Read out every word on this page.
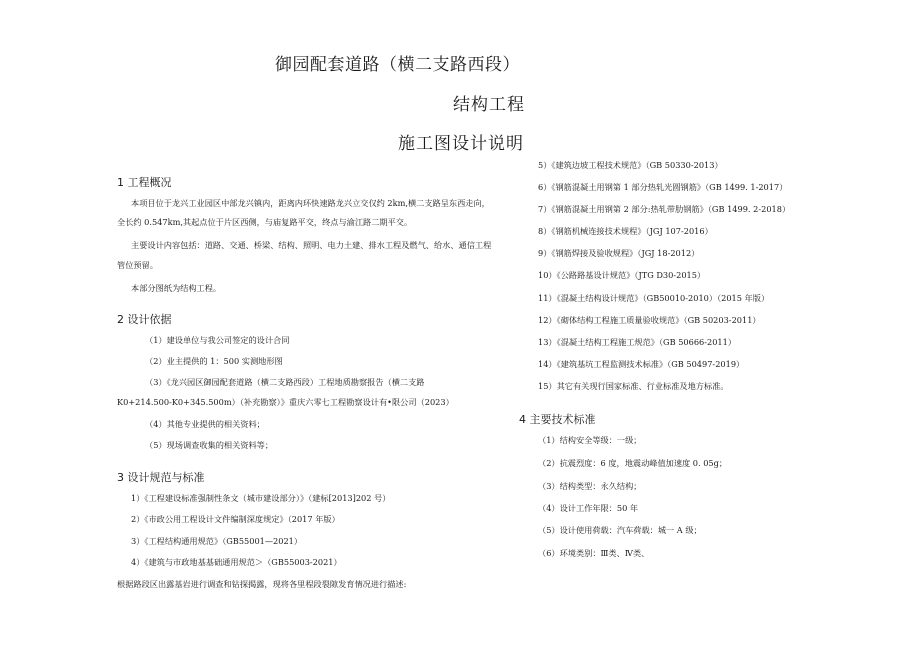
御园配套道路（横二支路西段）
结构工程
施工图设计说明
1 工程概况
本项目位于龙兴工业园区中部龙兴镇内，距离内环快速路龙兴立交仅约 2km,横二支路呈东西走向，
全长约 0.547km,其起点位于片区西侧，与庙复路平交，终点与渝江路二期平交。
主要设计内容包括：道路、交通、桥梁、结构、照明、电力土建、排水工程及燃气、给水、通信工程
管位预留。
本部分图纸为结构工程。
2 设计依据
（1）建设单位与我公司签定的设计合同
（2）业主提供的 1：500 实测地形图
（3）《龙兴园区御园配套道路（横二支路西段）工程地质勘察报告（横二支路
K0+214.500-K0+345.500m）（补充勘察）》重庆六零七工程勘察设计有•限公司（2023）
（4）其他专业提供的相关资料；
（5）现场调查收集的相关资料等；
3 设计规范与标准
1）《工程建设标准强制性条文（城市建设部分）》（建标[2013]202 号）
2）《市政公用工程设计文件编制深度规定》（2017 年版）
3）《工程结构通用规范》（GB55001—2021）
4）《建筑与市政地基基础通用规范＞（GB55003-2021）
根据路段区出露基岩进行调查和钻探揭露，现将各里程段裂隙发育情况进行描述:
5）《建筑边坡工程技术规范》（GB 50330-2013）
6）《钢筋混凝土用钢第 1 部分热轧光圆钢筋》（GB 1499. 1-2017）
7）《钢筋混凝土用钢第 2 部分:热轧带肋钢筋》（GB 1499. 2-2018）
8）《钢筋机械连接技术规程》（JGJ 107-2016）
9）《钢筋焊接及验收规程》（JGJ 18-2012）
10）《公路路基设计规范》（JTG D30-2015）
11）《混凝土结构设计规范》（GB50010-2010）（2015 年版）
12）《砌体结构工程施工质量验收规范》（GB 50203-2011）
13）《混凝土结构工程施工规范》（GB 50666-2011）
14）《建筑基坑工程监测技术标准》（GB 50497-2019）
15）其它有关现行国家标准、行业标准及地方标准。
4 主要技术标准
（1）结构安全等级：一级；
（2）抗震烈度：6 度，地震动峰值加速度 0. 05g；
（3）结构类型：永久结构；
（4）设计工作年限：50 年
（5）设计使用荷载：汽车荷载：城一 A 级；
（6）环境类别：Ⅲ类、Ⅳ类、
